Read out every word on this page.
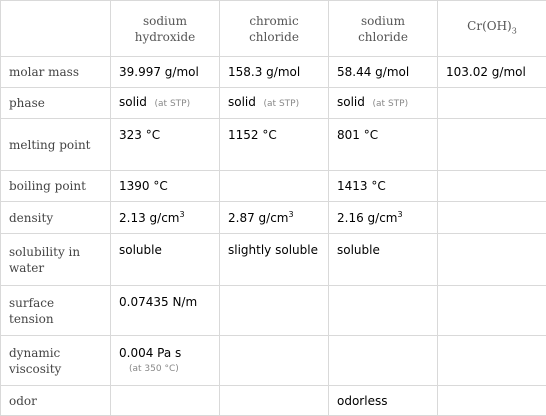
	sodium hydroxide	chromic chloride	sodium chloride	$Cr(OH)_3$
molar mass	39.997 g/mol	158.3 g/mol	58.44 g/mol	103.02 g/mol
phase	solid (at STP)	solid (at STP)	solid (at STP)	
melting point	323 °C	1152 °C	801 °C	
boiling point	1390 °C		1413 °C	
density	2.13 $g/cm^3$	2.87 $g/cm^3$	2.16 $g/cm^3$	
solubility in water	soluble	slightly soluble	soluble	
surface tension	0.07435 N/m			
dynamic viscosity	0.004 Pa s
(at 350 °C)			

odor			odorless	
